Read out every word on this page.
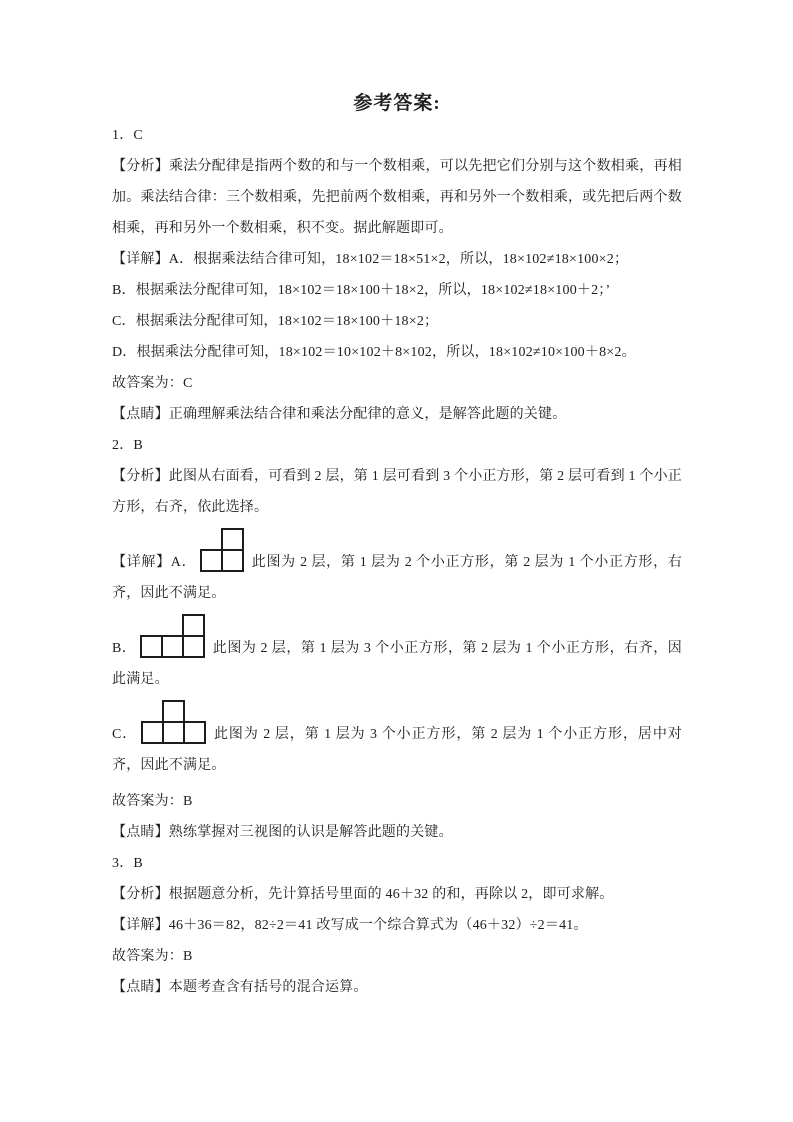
参考答案:

1．C

【分析】乘法分配律是指两个数的和与一个数相乘，可以先把它们分别与这个数相乘，再相加。乘法结合律：三个数相乘，先把前两个数相乘，再和另外一个数相乘，或先把后两个数相乘，再和另外一个数相乘，积不变。据此解题即可。

【详解】A．根据乘法结合律可知，18×102＝18×51×2，所以，18×102≠18×100×2；

B．根据乘法分配律可知，18×102＝18×100＋18×2，所以，18×102≠18×100＋2；’

C．根据乘法分配律可知，18×102＝18×100＋18×2；

D．根据乘法分配律可知，18×102＝10×102＋8×102，所以，18×102≠10×100＋8×2。

故答案为：C

【点睛】正确理解乘法结合律和乘法分配律的意义，是解答此题的关键。

2．B

【分析】此图从右面看，可看到 2 层，第 1 层可看到 3 个小正方形，第 2 层可看到 1 个小正方形，右齐，依此选择。

【详解】A．	此图为 2 层，第 1 层为 2 个小正方形，第 2 层为 1 个小正方形，右齐，因此不满足。

B．	此图为 2 层，第 1 层为 3 个小正方形，第 2 层为 1 个小正方形，右齐，因此满足。

C．	此图为 2 层，第 1 层为 3 个小正方形，第 2 层为 1 个小正方形，居中对齐，因此不满足。

故答案为：B

【点睛】熟练掌握对三视图的认识是解答此题的关键。

3．B

【分析】根据题意分析，先计算括号里面的 46＋32 的和，再除以 2，即可求解。

【详解】46＋36＝82，82÷2＝41 改写成一个综合算式为（46＋32）÷2＝41。

故答案为：B

【点睛】本题考查含有括号的混合运算。
